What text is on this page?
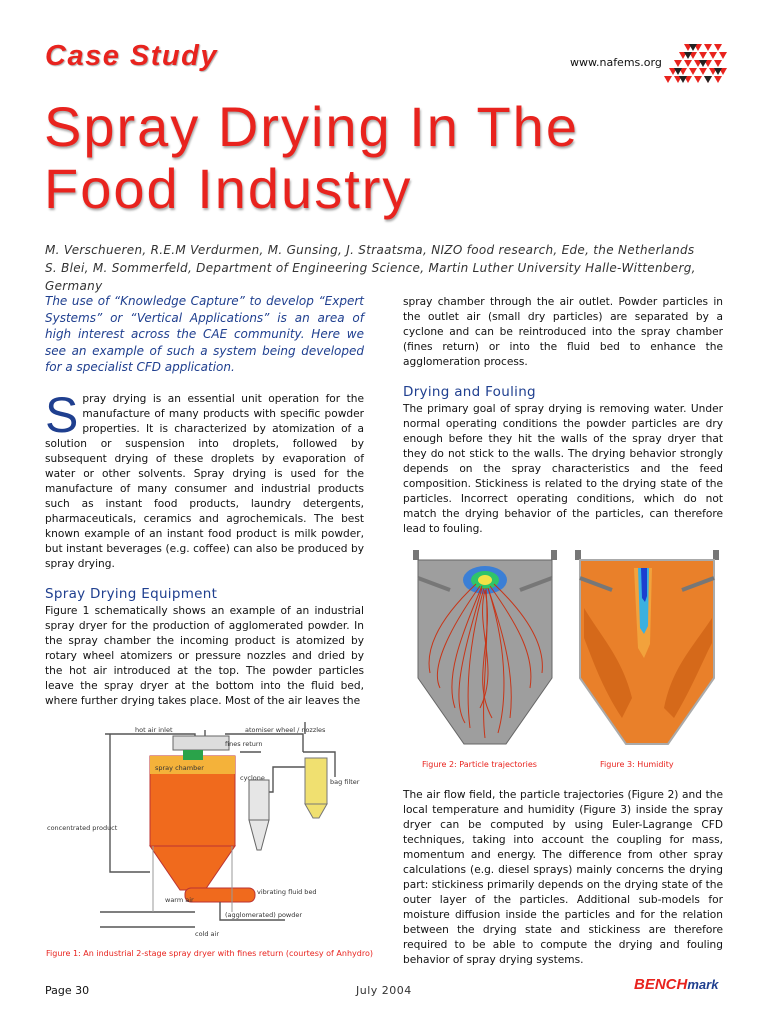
Case Study	www.nafems.org
Spray Drying In The
Food Industry
M. Verschueren, R.E.M Verdurmen, M. Gunsing, J. Straatsma, NIZO food research, Ede, the Netherlands
S. Blei, M. Sommerfeld, Department of Engineering Science, Martin Luther University Halle-Wittenberg, Germany

The use of “Knowledge Capture” to develop “Expert Systems” or “Vertical Applications” is an area of high interest across the CAE community. Here we see an example of such a system being developed for a specialist CFD application.

Spray drying is an essential unit operation for the manufacture of many products with specific powder properties. It is characterized by atomization of a solution or suspension into droplets, followed by subsequent drying of these droplets by evaporation of water or other solvents. Spray drying is used for the manufacture of many consumer and industrial products such as instant food products, laundry detergents, pharmaceuticals, ceramics and agrochemicals. The best known example of an instant food product is milk powder, but instant beverages (e.g. coffee) can also be produced by spray drying.

Spray Drying Equipment

Figure 1 schematically shows an example of an industrial spray dryer for the production of agglomerated powder. In the spray chamber the incoming product is atomized by rotary wheel atomizers or pressure nozzles and dried by the hot air introduced at the top. The powder particles leave the spray dryer at the bottom into the fluid bed, where further drying takes place. Most of the air leaves the

hot air inlet	atomiser wheel / nozzles
fines return
spray chamber
cyclone	bag filter
concentrated product
vibrating fluid bed
warm air
(agglomerated) powder
cold air
Figure 1: An industrial 2-stage spray dryer with fines return (courtesy of Anhydro)

spray chamber through the air outlet. Powder particles in the outlet air (small dry particles) are separated by a cyclone and can be reintroduced into the spray chamber (fines return) or into the fluid bed to enhance the agglomeration process.

Drying and Fouling

The primary goal of spray drying is removing water. Under normal operating conditions the powder particles are dry enough before they hit the walls of the spray dryer that they do not stick to the walls. The drying behavior strongly depends on the spray characteristics and the feed composition. Stickiness is related to the drying state of the particles. Incorrect operating conditions, which do not match the drying behavior of the particles, can therefore lead to fouling.

Figure 2: Particle trajectories	Figure 3: Humidity

The air flow field, the particle trajectories (Figure 2) and the local temperature and humidity (Figure 3) inside the spray dryer can be computed by using Euler-Lagrange CFD techniques, taking into account the coupling for mass, momentum and energy. The difference from other spray calculations (e.g. diesel sprays) mainly concerns the drying part: stickiness primarily depends on the drying state of the outer layer of the particles. Additional sub-models for moisture diffusion inside the particles and for the relation between the drying state and stickiness are therefore required to be able to compute the drying and fouling behavior of spray drying systems.

Page 30	July 2004	BENCHmark
